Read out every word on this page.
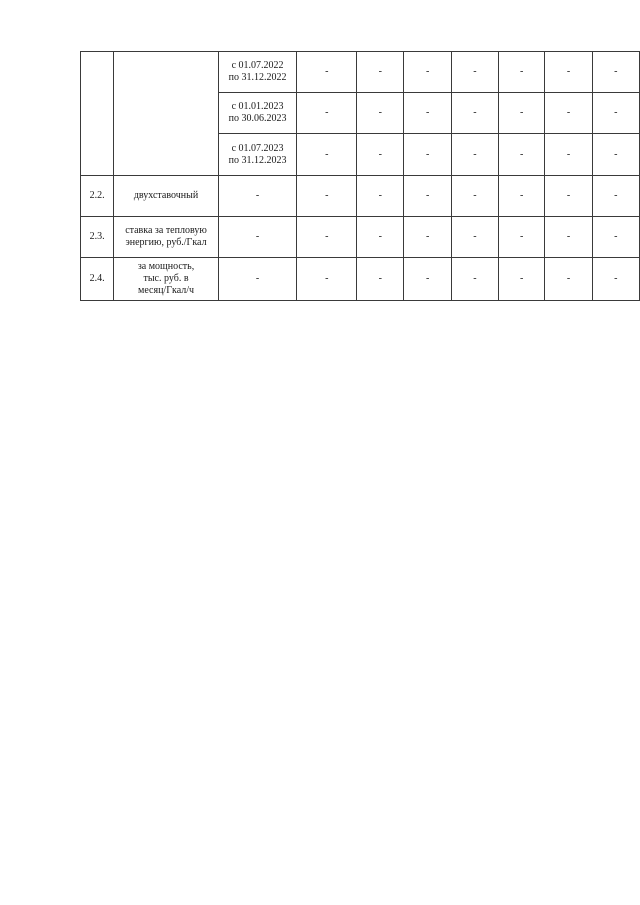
		с 01.07.2022
по 31.12.2022	-	-	-	-	-	-	-
		с 01.01.2023
по 30.06.2023	-	-	-	-	-	-	-
		с 01.07.2023
по 31.12.2023	-	-	-	-	-	-	-
2.2.	двухставочный	-	-	-	-	-	-	-	-
2.3.	ставка за тепловую
энергию, руб./Гкал	-	-	-	-	-	-	-	-
2.4.	за мощность,
тыс. руб. в
месяц/Гкал/ч	-	-	-	-	-	-	-	-
